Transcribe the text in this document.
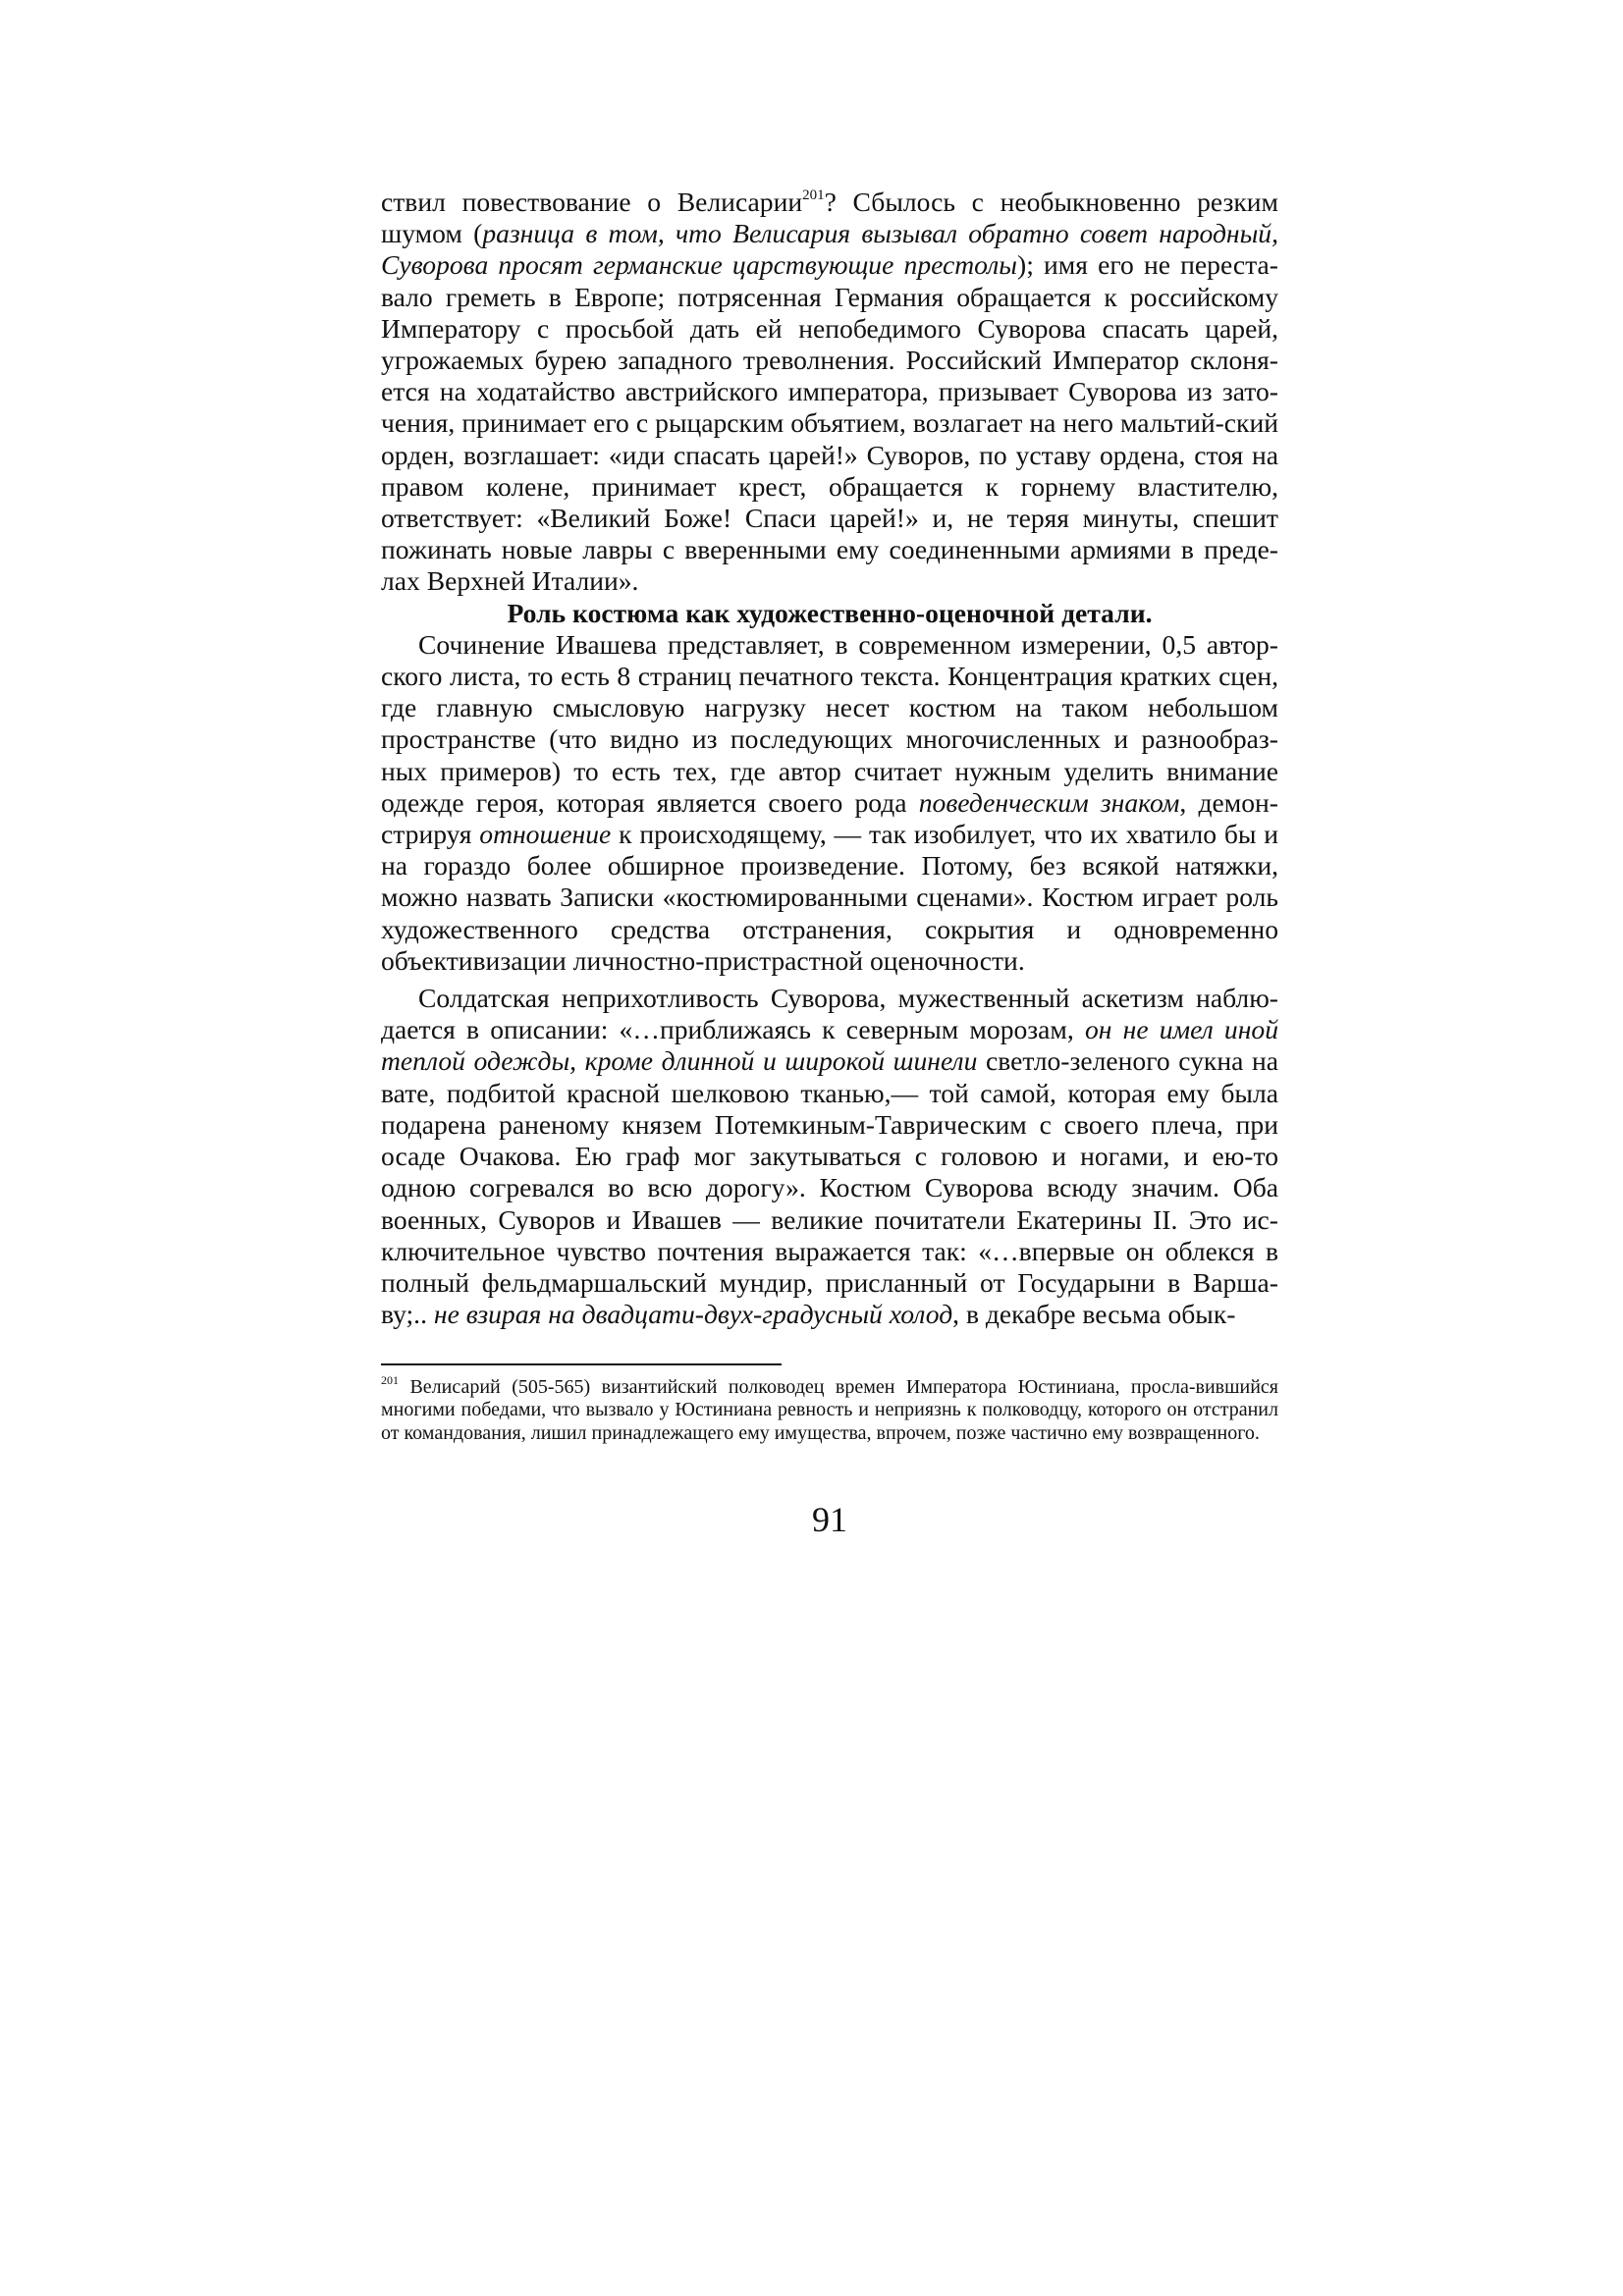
ствил повествование о Велисарии$^{201}$? Сбылось с необыкновенно резким шумом (разница в том, что Велисария вызывал обратно совет народный, Суворова просят германские царствующие престолы); имя его не переста-вало греметь в Европе; потрясенная Германия обращается к российскому Императору с просьбой дать ей непобедимого Суворова спасать царей, угрожаемых бурею западного треволнения. Российский Император склоня-ется на ходатайство австрийского императора, призывает Суворова из зато-чения, принимает его с рыцарским объятием, возлагает на него мальтий-ский орден, возглашает: «иди спасать царей!» Суворов, по уставу ордена, стоя на правом колене, принимает крест, обращается к горнему властителю, ответствует: «Великий Боже! Спаси царей!» и, не теряя минуты, спешит пожинать новые лавры с вверенными ему соединенными армиями в преде-лах Верхней Италии».

Роль костюма как художественно-оценочной детали.

Сочинение Ивашева представляет, в современном измерении, 0,5 автор-ского листа, то есть 8 страниц печатного текста. Концентрация кратких сцен, где главную смысловую нагрузку несет костюм на таком небольшом пространстве (что видно из последующих многочисленных и разнообраз-ных примеров) то есть тех, где автор считает нужным уделить внимание одежде героя, которая является своего рода поведенческим знаком, демон-стрируя отношение к происходящему, — так изобилует, что их хватило бы и на гораздо более обширное произведение. Потому, без всякой натяжки, можно назвать Записки «костюмированными сценами». Костюм играет роль художественного средства отстранения, сокрытия и одновременно объективизации личностно-пристрастной оценочности.

Солдатская неприхотливость Суворова, мужественный аскетизм наблю-дается в описании: «…приближаясь к северным морозам, он не имел иной теплой одежды, кроме длинной и широкой шинели светло-зеленого сукна на вате, подбитой красной шелковою тканью,— той самой, которая ему была подарена раненому князем Потемкиным-Таврическим с своего плеча, при осаде Очакова. Ею граф мог закутываться с головою и ногами, и ею-то одною согревался во всю дорогу». Костюм Суворова всюду значим. Оба военных, Суворов и Ивашев — великие почитатели Екатерины II. Это ис-ключительное чувство почтения выражается так: «…впервые он облекся в полный фельдмаршальский мундир, присланный от Государыни в Варша-ву;.. не взирая на двадцати-двух-градусный холод, в декабре весьма обык-

$^{201}$ Велисарий (505-565) византийский полководец времен Императора Юстиниана, просла-вившийся многими победами, что вызвало у Юстиниана ревность и неприязнь к полководцу, которого он отстранил от командования, лишил принадлежащего ему имущества, впрочем, позже частично ему возвращенного.
91
